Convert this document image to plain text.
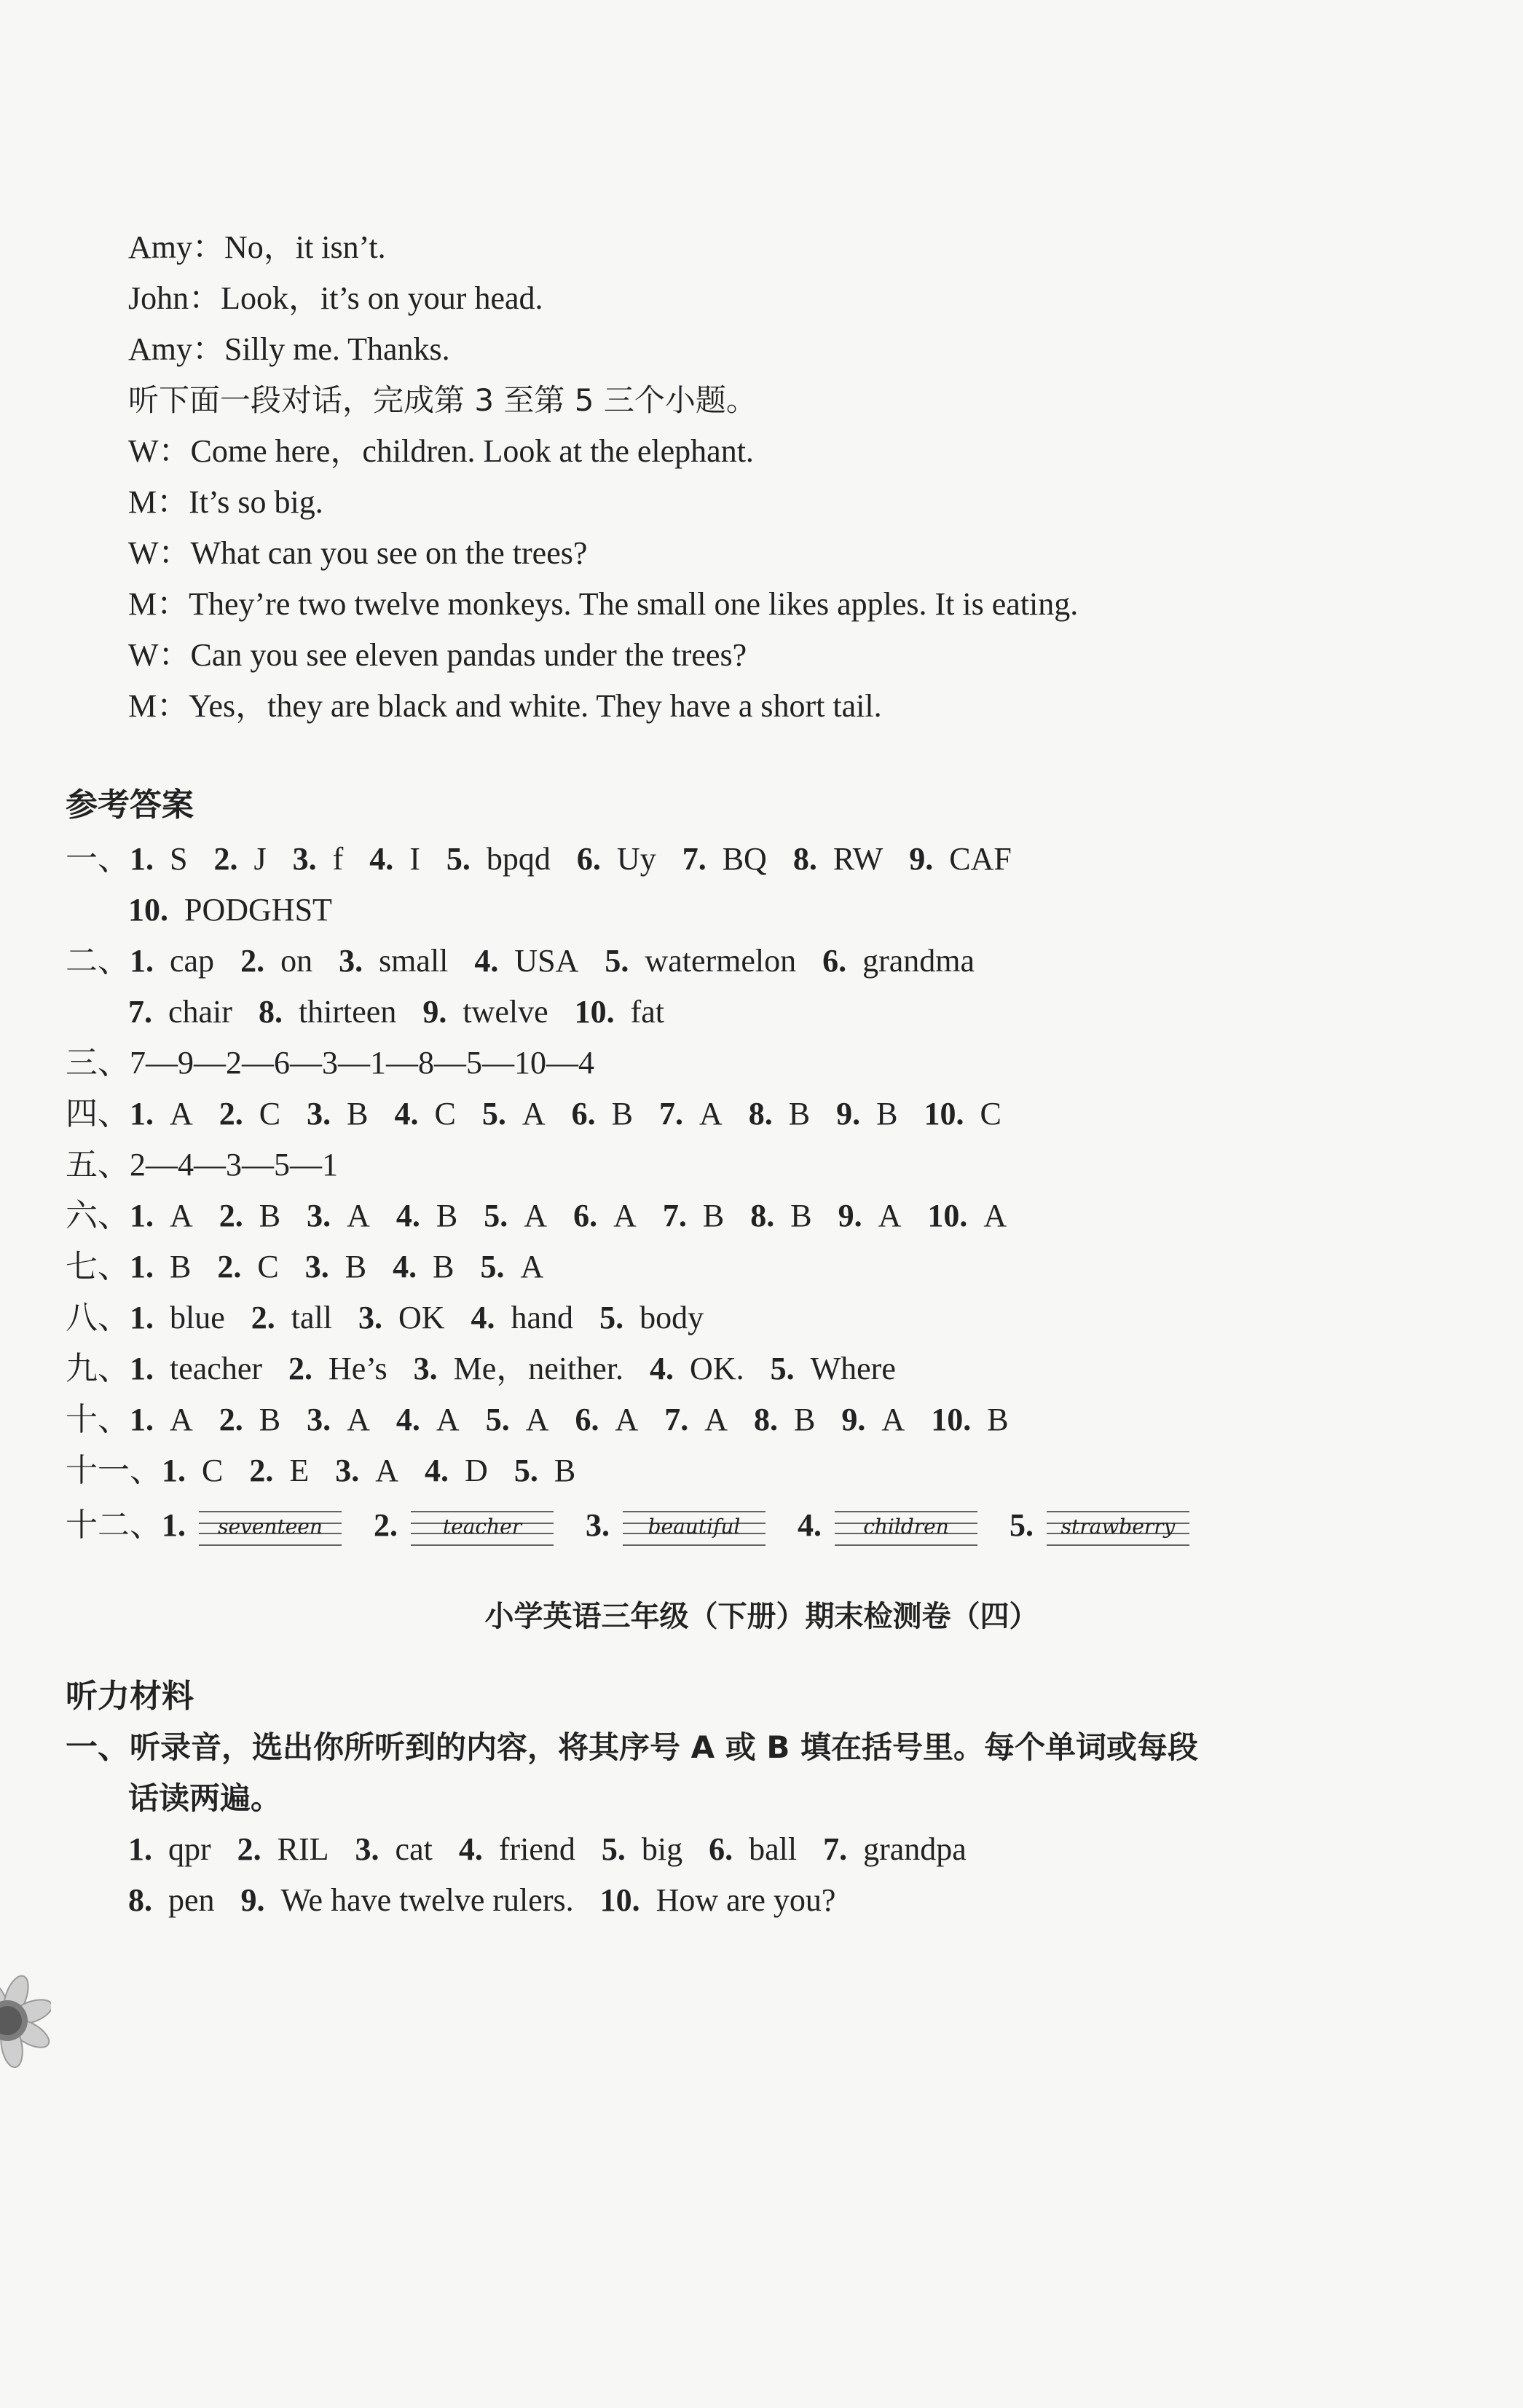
Amy：No，it isn’t.
John：Look，it’s on your head.
Amy：Silly me. Thanks.
听下面一段对话，完成第 3 至第 5 三个小题。
W：Come here，children. Look at the elephant.
M：It’s so big.
W：What can you see on the trees?
M：They’re two twelve monkeys. The small one likes apples. It is eating.
W：Can you see eleven pandas under the trees?
M：Yes，they are black and white. They have a short tail.
参考答案
一、1. S 2. J 3. f 4. I 5. bpqd 6. Uy 7. BQ 8. RW 9. CAF
10. PODGHST
二、1. cap 2. on 3. small 4. USA 5. watermelon 6. grandma
7. chair 8. thirteen 9. twelve 10. fat
三、7—9—2—6—3—1—8—5—10—4
四、1. A 2. C 3. B 4. C 5. A 6. B 7. A 8. B 9. B 10. C
五、2—4—3—5—1
六、1. A 2. B 3. A 4. B 5. A 6. A 7. B 8. B 9. A 10. A
七、1. B 2. C 3. B 4. B 5. A
八、1. blue 2. tall 3. OK 4. hand 5. body
九、1. teacher 2. He’s 3. Me，neither. 4. OK. 5. Where
十、1. A 2. B 3. A 4. A 5. A 6. A 7. A 8. B 9. A 10. B
十一、1. C 2. E 3. A 4. D 5. B
十二、1. seventeen 2. teacher 3. beautiful 4. children 5. strawberry
小学英语三年级（下册）期末检测卷（四）
听力材料
一、听录音，选出你所听到的内容，将其序号 A 或 B 填在括号里。每个单词或每段
话读两遍。
1. qpr 2. RIL 3. cat 4. friend 5. big 6. ball 7. grandpa
8. pen 9. We have twelve rulers. 10. How are you?
